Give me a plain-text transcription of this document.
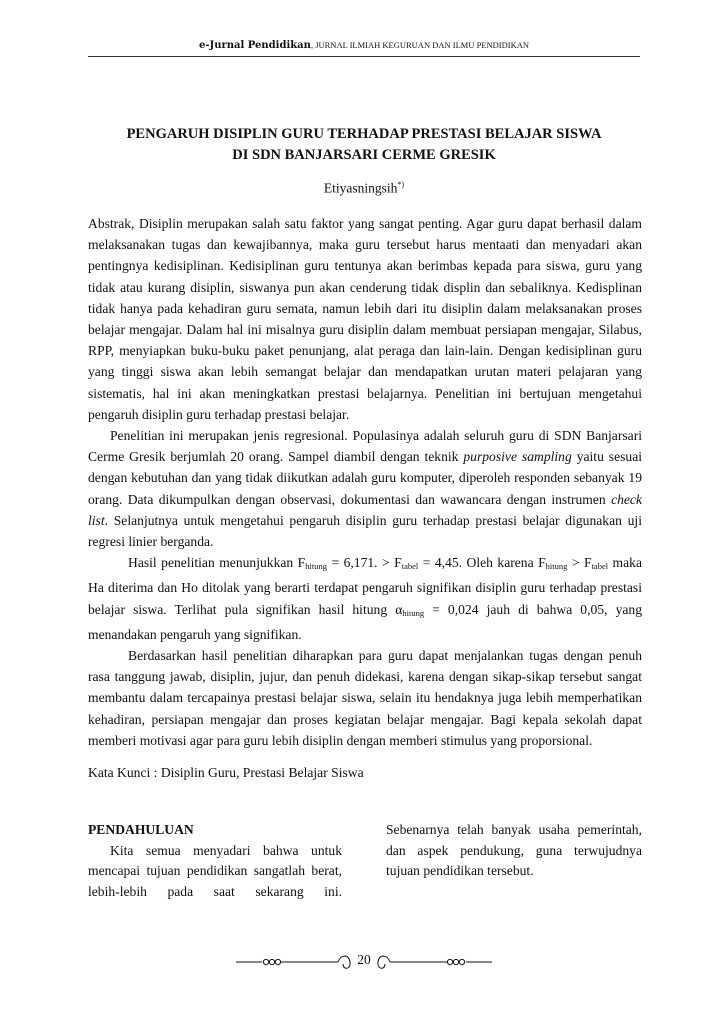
e-Jurnal Pendidikan, JURNAL ILMIAH KEGURUAN DAN ILMU PENDIDIKAN
PENGARUH DISIPLIN GURU TERHADAP PRESTASI BELAJAR SISWA
DI SDN BANJARSARI CERME GRESIK
Etiyasningsih*)

Abstrak, Disiplin merupakan salah satu faktor yang sangat penting. Agar guru dapat berhasil dalam melaksanakan tugas dan kewajibannya, maka guru tersebut harus mentaati dan menyadari akan pentingnya kedisiplinan. Kedisiplinan guru tentunya akan berimbas kepada para siswa, guru yang tidak atau kurang disiplin, siswanya pun akan cenderung tidak displin dan sebaliknya. Kedisplinan tidak hanya pada kehadiran guru semata, namun lebih dari itu disiplin dalam melaksanakan proses belajar mengajar. Dalam hal ini misalnya guru disiplin dalam membuat persiapan mengajar, Silabus, RPP, menyiapkan buku-buku paket penunjang, alat peraga dan lain-lain. Dengan kedisiplinan guru yang tinggi siswa akan lebih semangat belajar dan mendapatkan urutan materi pelajaran yang sistematis, hal ini akan meningkatkan prestasi belajarnya. Penelitian ini bertujuan mengetahui pengaruh disiplin guru terhadap prestasi belajar.

Penelitian ini merupakan jenis regresional. Populasinya adalah seluruh guru di SDN Banjarsari Cerme Gresik berjumlah 20 orang. Sampel diambil dengan teknik purposive sampling yaitu sesuai dengan kebutuhan dan yang tidak diikutkan adalah guru komputer, diperoleh responden sebanyak 19 orang. Data dikumpulkan dengan observasi, dokumentasi dan wawancara dengan instrumen check list. Selanjutnya untuk mengetahui pengaruh disiplin guru terhadap prestasi belajar digunakan uji regresi linier berganda.

Hasil penelitian menunjukkan $F_{hitung} = 6,171$. > $F_{tabel} = 4,45$. Oleh karena $F_{hitung} > F_{tabel}$ maka Ha diterima dan Ho ditolak yang berarti terdapat pengaruh signifikan disiplin guru terhadap prestasi belajar siswa. Terlihat pula signifikan hasil hitung $\alpha_{hitung} = 0,024$ jauh di bahwa 0,05, yang menandakan pengaruh yang signifikan.

Berdasarkan hasil penelitian diharapkan para guru dapat menjalankan tugas dengan penuh rasa tanggung jawab, disiplin, jujur, dan penuh didekasi, karena dengan sikap-sikap tersebut sangat membantu dalam tercapainya prestasi belajar siswa, selain itu hendaknya juga lebih memperhatikan kehadiran, persiapan mengajar dan proses kegiatan belajar mengajar. Bagi kepala sekolah dapat memberi motivasi agar para guru lebih disiplin dengan memberi stimulus yang proporsional.

Kata Kunci : Disiplin Guru, Prestasi Belajar Siswa

PENDAHULUAN

Kita semua menyadari bahwa untuk mencapai tujuan pendidikan sangatlah berat, lebih-lebih pada saat sekarang ini.

Sebenarnya telah banyak usaha pemerintah, dan aspek pendukung, guna terwujudnya tujuan pendidikan tersebut.

20
